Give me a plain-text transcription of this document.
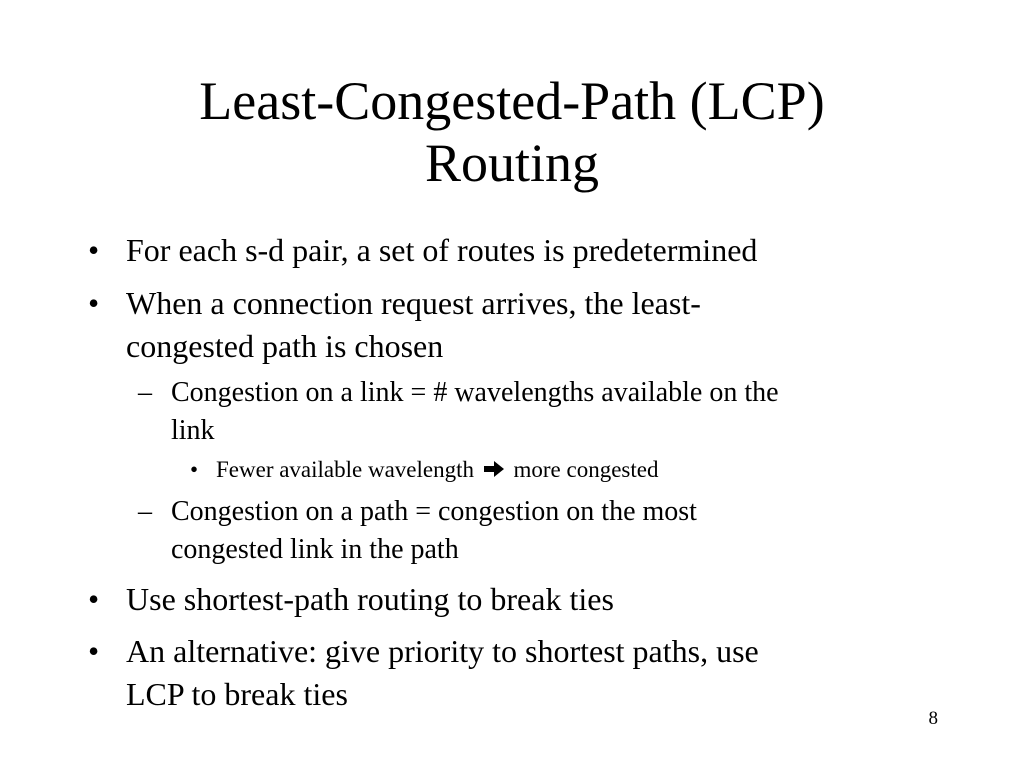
Least-Congested-Path (LCP)
Routing
• For each s-d pair, a set of routes is predetermined
• When a connection request arrives, the least-
congested path is chosen
– Congestion on a link = # wavelengths available on the
link
• Fewer available wavelength more congested
– Congestion on a path = congestion on the most
congested link in the path
• Use shortest-path routing to break ties
• An alternative: give priority to shortest paths, use
LCP to break ties
8
